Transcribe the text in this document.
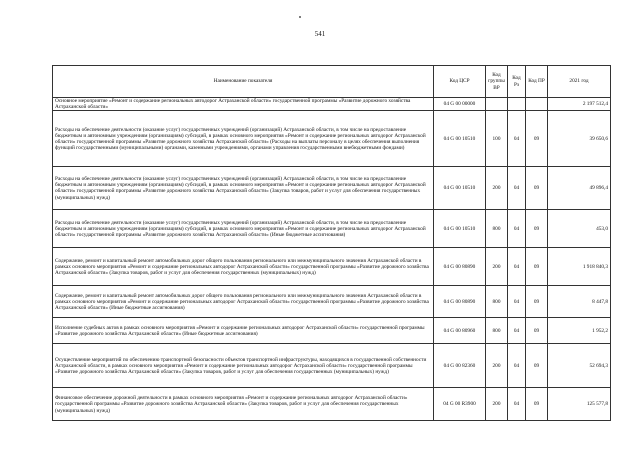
541
Наименование показателя	Код ЦСР	Код группы ВР	Код Рз	Код ПР	2021 год
Основное мероприятие «Ремонт и содержание региональных автодорог Астраханской области» государственной программы «Развитие дорожного хозяйства Астраханской области»	04 G 00 00000				2 197 512,4
Расходы на обеспечение деятельности (оказание услуг) государственных учреждений (организаций) Астраханской области, в том числе на предоставление бюджетным и автономным учреждениям (организациям) субсидий, в рамках основного мероприятия «Ремонт и содержание региональных автодорог Астраханской области» государственной программы «Развитие дорожного хозяйства Астраханской области» (Расходы на выплаты персоналу в целях обеспечения выполнения функций государственными (муниципальными) органами, казенными учреждениями, органами управления государственными внебюджетными фондами)	04 G 00 10510	100	04	09	39 650,6
Расходы на обеспечение деятельности (оказание услуг) государственных учреждений (организаций) Астраханской области, в том числе на предоставление бюджетным и автономным учреждениям (организациям) субсидий, в рамках основного мероприятия «Ремонт и содержание региональных автодорог Астраханской области» государственной программы «Развитие дорожного хозяйства Астраханской области» (Закупка товаров, работ и услуг для обеспечения государственных (муниципальных) нужд)	04 G 00 10510	200	04	09	49 896,4
Расходы на обеспечение деятельности (оказание услуг) государственных учреждений (организаций) Астраханской области, в том числе на предоставление бюджетным и автономным учреждениям (организациям) субсидий, в рамках основного мероприятия «Ремонт и содержание региональных автодорог Астраханской области» государственной программы «Развитие дорожного хозяйства Астраханской области» (Иные бюджетные ассигнования)	04 G 00 10510	800	04	09	453,0
Содержание, ремонт и капитальный ремонт автомобильных дорог общего пользования регионального или межмуниципального значения Астраханской области в рамках основного мероприятия «Ремонт и содержание региональных автодорог Астраханской области» государственной программы «Развитие дорожного хозяйства Астраханской области» (Закупка товаров, работ и услуг для обеспечения государственных (муниципальных) нужд)	04 G 00 80890	200	04	09	1 918 840,3
Содержание, ремонт и капитальный ремонт автомобильных дорог общего пользования регионального или межмуниципального значения Астраханской области в рамках основного мероприятия «Ремонт и содержание региональных автодорог Астраханской области» государственной программы «Развитие дорожного хозяйства Астраханской области» (Иные бюджетные ассигнования)	04 G 00 80890	800	04	09	8 447,8
Исполнение судебных актов в рамках основного мероприятия «Ремонт и содержание региональных автодорог Астраханской области» государственной программы «Развитие дорожного хозяйства Астраханской области» (Иные бюджетные ассигнования)	04 G 00 80960	800	04	09	1 952,2
Осуществление мероприятий по обеспечению транспортной безопасности объектов транспортной инфраструктуры, находящихся в государственной собственности Астраханской области, в рамках основного мероприятия «Ремонт и содержание региональных автодорог Астраханской области» государственной программы «Развитие дорожного хозяйства Астраханской области» (Закупка товаров, работ и услуг для обеспечения государственных (муниципальных) нужд)	04 G 00 82360	200	04	09	52 694,3
Финансовое обеспечение дорожной деятельности в рамках основного мероприятия «Ремонт и содержание региональных автодорог Астраханской области» государственной программы «Развитие дорожного хозяйства Астраханской области» (Закупка товаров, работ и услуг для обеспечения государственных (муниципальных) нужд)	04 G 00 R3900	200	04	09	125 577,8
